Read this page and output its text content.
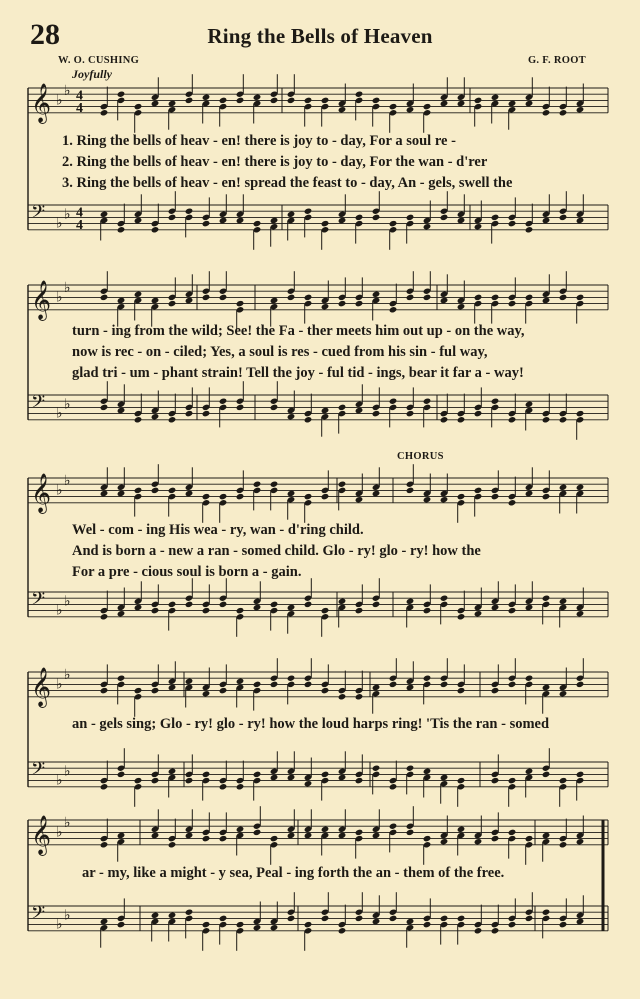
28	Ring the Bells of Heaven
W. O. CUSHING	G. F. ROOT
Joyfully
CHORUS
1. Ring the bells of heav - en! there is joy to - day, For a soul re -
2. Ring the bells of heav - en! there is joy to - day, For the wan - d'rer
3. Ring the bells of heav - en! spread the feast to - day, An - gels, swell the
turn - ing from the wild; See! the Fa - ther meets him out up - on the way,
now is rec - on - ciled; Yes, a soul is res - cued from his sin - ful way,
glad tri - um - phant strain! Tell the joy - ful tid - ings, bear it far a - way!
Wel - com - ing His wea - ry, wan - d'ring child.
And is born a - new a ran - somed child. Glo - ry! glo - ry! how the
For a pre - cious soul is born a - gain.
an - gels sing; Glo - ry! glo - ry! how the loud harps ring! 'Tis the ran - somed
ar - my, like a might - y sea, Peal - ing forth the an - them of the free.
𝄞 ♭
♭ 4
4
𝄢 ♭
♭ 4
4
𝄞 ♭
♭
𝄢 ♭
♭
𝄞 ♭
♭
𝄢 ♭
♭
𝄞 ♭
♭
𝄢 ♭
♭
𝄞 ♭
♭
𝄢 ♭
♭
